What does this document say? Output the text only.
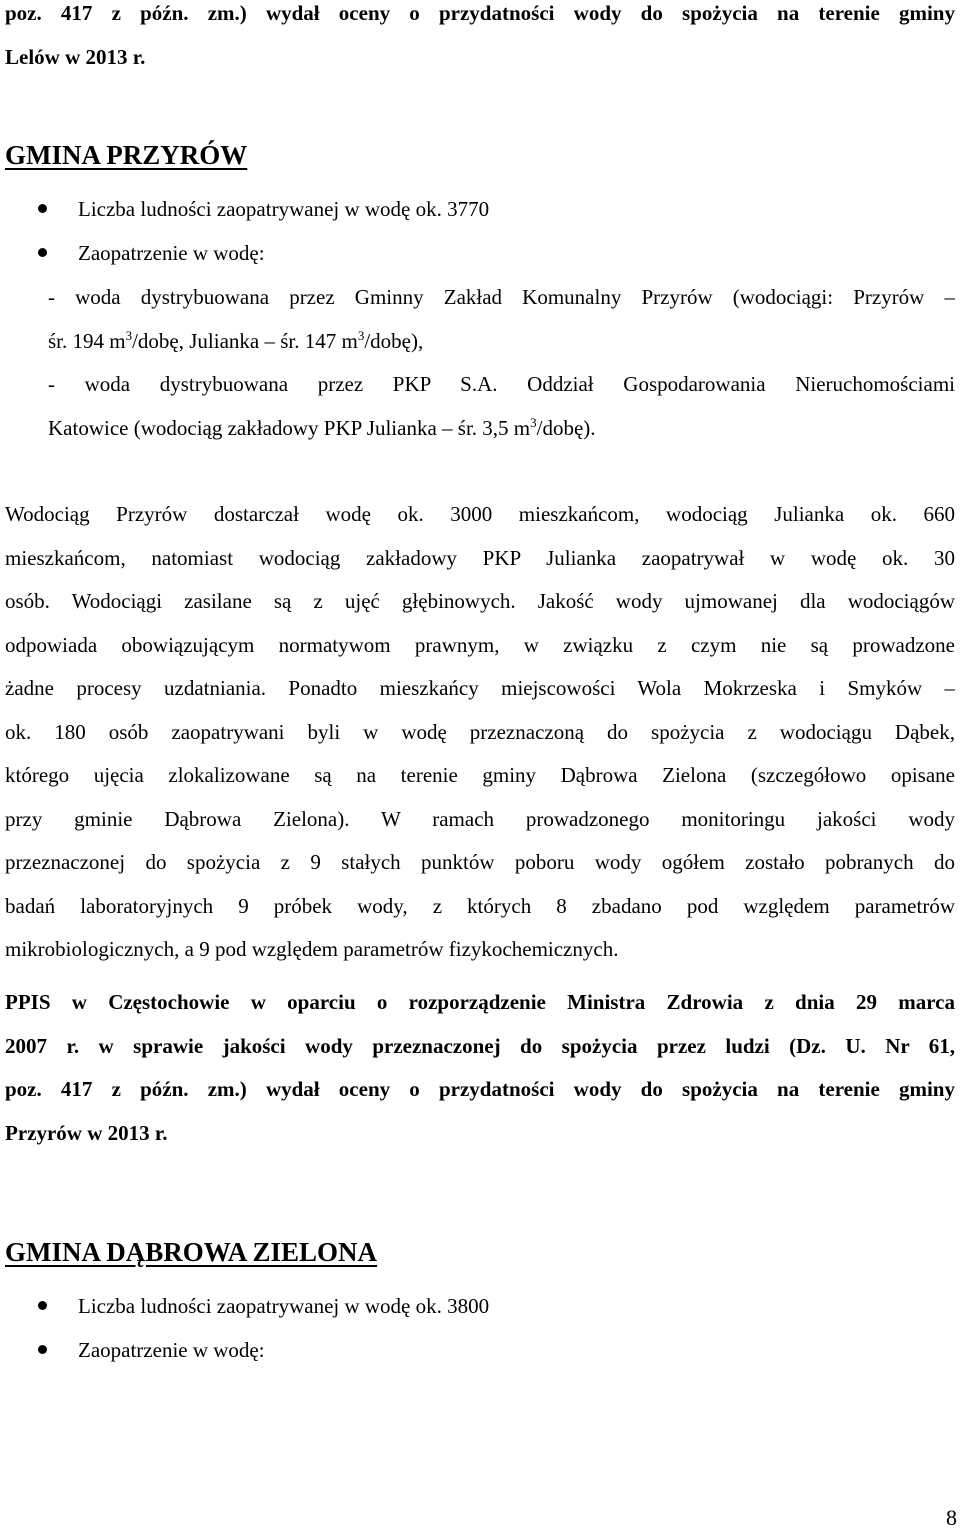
poz. 417 z późn. zm.) wydał oceny o przydatności wody do spożycia na terenie gminy
Lelów w 2013 r.
GMINA PRZYRÓW
Liczba ludności zaopatrywanej w wodę ok. 3770
Zaopatrzenie w wodę:
- woda dystrybuowana przez Gminny Zakład Komunalny Przyrów (wodociągi: Przyrów –
śr. 194 $m^3$/dobę, Julianka – śr. 147 $m^3/dobę$),
- woda dystrybuowana przez PKP S.A. Oddział Gospodarowania Nieruchomościami
Katowice (wodociąg zakładowy PKP Julianka – śr. 3,5 $m^3/dobę$).
Wodociąg Przyrów dostarczał wodę ok. 3000 mieszkańcom, wodociąg Julianka ok. 660
mieszkańcom, natomiast wodociąg zakładowy PKP Julianka zaopatrywał w wodę ok. 30
osób. Wodociągi zasilane są z ujęć głębinowych. Jakość wody ujmowanej dla wodociągów
odpowiada obowiązującym normatywom prawnym, w związku z czym nie są prowadzone
żadne procesy uzdatniania. Ponadto mieszkańcy miejscowości Wola Mokrzeska i Smyków –
ok. 180 osób zaopatrywani byli w wodę przeznaczoną do spożycia z wodociągu Dąbek,
którego ujęcia zlokalizowane są na terenie gminy Dąbrowa Zielona (szczegółowo opisane
przy gminie Dąbrowa Zielona). W ramach prowadzonego monitoringu jakości wody
przeznaczonej do spożycia z 9 stałych punktów poboru wody ogółem zostało pobranych do
badań laboratoryjnych 9 próbek wody, z których 8 zbadano pod względem parametrów
mikrobiologicznych, a 9 pod względem parametrów fizykochemicznych.
PPIS w Częstochowie w oparciu o rozporządzenie Ministra Zdrowia z dnia 29 marca
2007 r. w sprawie jakości wody przeznaczonej do spożycia przez ludzi (Dz. U. Nr 61,
poz. 417 z późn. zm.) wydał oceny o przydatności wody do spożycia na terenie gminy
Przyrów w 2013 r.
GMINA DĄBROWA ZIELONA
Liczba ludności zaopatrywanej w wodę ok. 3800
Zaopatrzenie w wodę:
8
